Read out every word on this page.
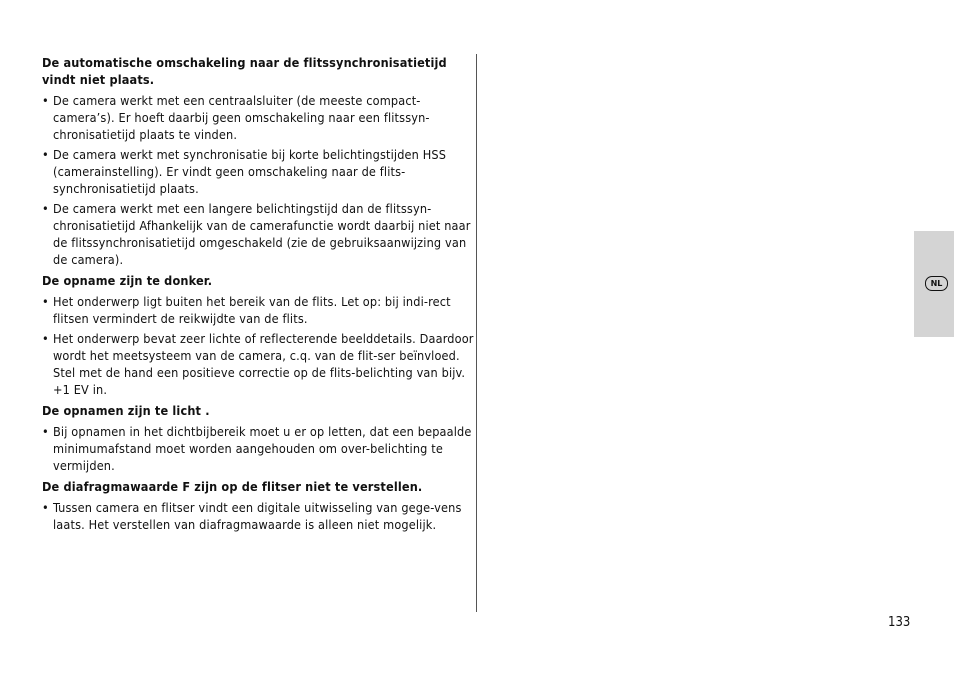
De automatische omschakeling naar de flitssynchronisatietijd vindt niet plaats.
• De camera werkt met een centraalsluiter (de meeste compact-camera’s). Er hoeft daarbij geen omschakeling naar een flitssyn-chronisatietijd plaats te vinden.
• De camera werkt met synchronisatie bij korte belichtingstijden HSS (camerainstelling). Er vindt geen omschakeling naar de flits-synchronisatietijd plaats.
• De camera werkt met een langere belichtingstijd dan de flitssyn-chronisatietijd Afhankelijk van de camerafunctie wordt daarbij niet naar de flitssynchronisatietijd omgeschakeld (zie de gebruiksaanwijzing van de camera).
De opname zijn te donker.
• Het onderwerp ligt buiten het bereik van de flits. Let op: bij indi-rect flitsen vermindert de reikwijdte van de flits.
• Het onderwerp bevat zeer lichte of reflecterende beelddetails. Daardoor wordt het meetsysteem van de camera, c.q. van de flit-ser beïnvloed. Stel met de hand een positieve correctie op de flits-belichting van bijv. +1 EV in.
De opnamen zijn te licht .
• Bij opnamen in het dichtbijbereik moet u er op letten, dat een bepaalde minimumafstand moet worden aangehouden om over-belichting te vermijden.
De diafragmawaarde F zijn op de flitser niet te verstellen.
• Tussen camera en flitser vindt een digitale uitwisseling van gege-vens laats. Het verstellen van diafragmawaarde is alleen niet mogelijk.
NL
133
